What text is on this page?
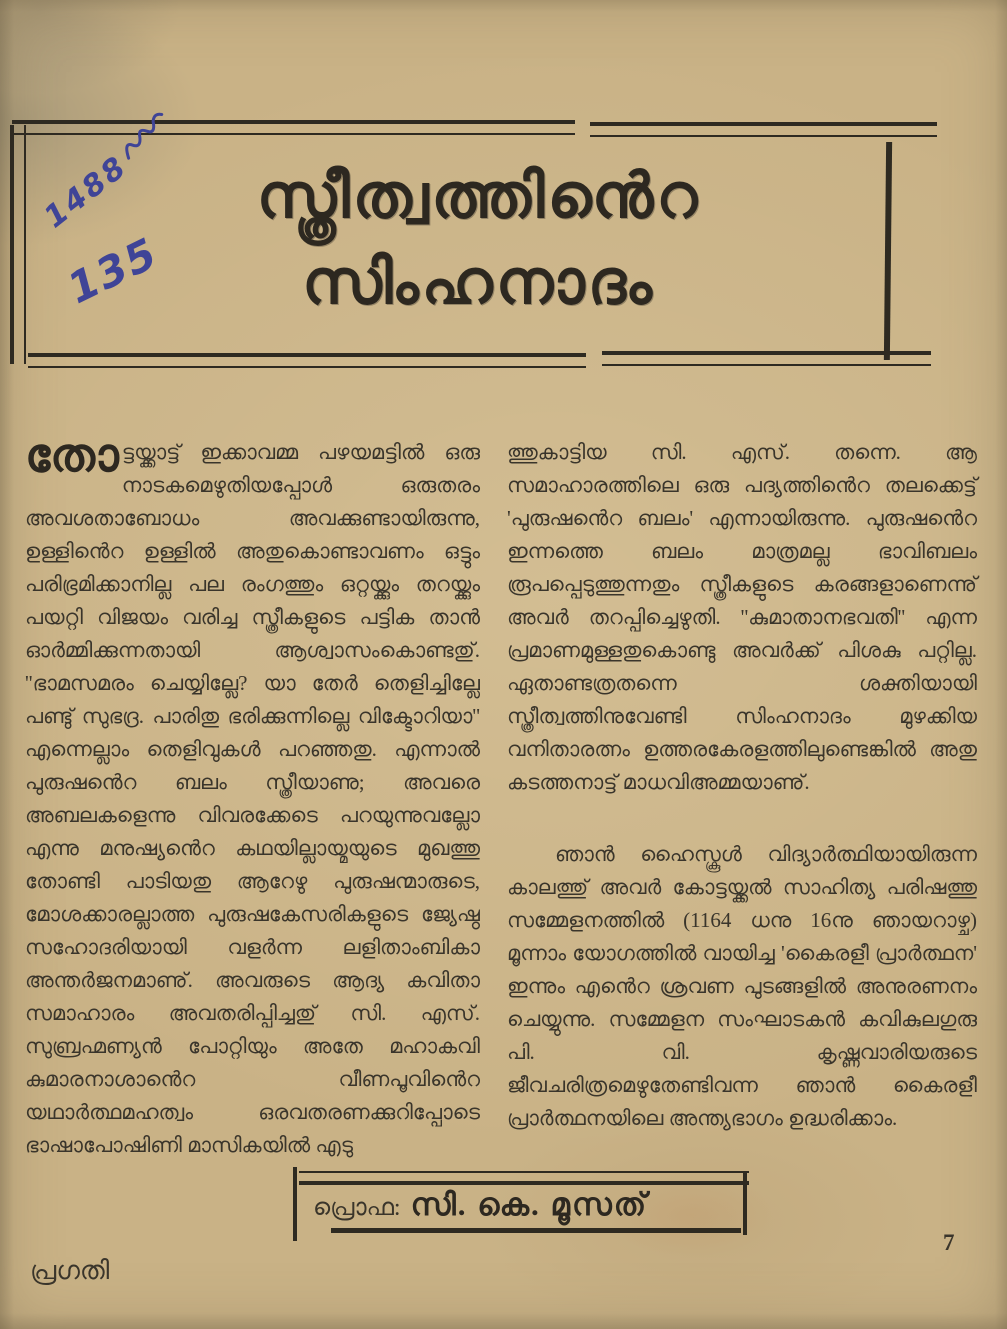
സ്ത്രീത്വത്തിൻെറ
സിംഹനാദം
1488
135

തോട്ടയ്ക്കാട്ട് ഇക്കാവമ്മ പഴയമട്ടിൽ ഒരു നാടകമെഴുതിയപ്പോൾ ഒരുതരം അവശതാബോധം അവക്കുണ്ടായിരുന്നു, ഉള്ളിൻെറ ഉള്ളിൽ അതുകൊണ്ടാവണം ഒട്ടും പരിഭ്രമിക്കാനില്ല പല രംഗത്തും ഒറ്റയ്ക്കും തറയ്ക്കും പയറ്റി വിജയം വരിച്ച സ്ത്രീകളുടെ പട്ടിക താൻ ഓർമ്മിക്കുന്നതായി ആശ്വാസംകൊണ്ടതു്. ''ഭാമസമരം ചെയ്യില്ലേ? യാ തേർ തെളിച്ചില്ലേ പണ്ടു് സുഭദ്ര. പാരിതു ഭരിക്കുന്നില്ലെ വിക്ടോറിയാ'' എന്നെല്ലാം തെളിവുകൾ പറഞ്ഞതു. എന്നാൽ പുരുഷൻെറ ബലം സ്ത്രീയാണു; അവരെ അബലകളെന്നു വിവരക്കേടെ പറയുന്നുവല്ലോ എന്നു മനുഷ്യൻെറ കഥയില്ലായ്മയുടെ മുഖത്തു തോണ്ടി പാടിയതു ആറേഴു പുരുഷന്മാരുടെ, മോശക്കാരല്ലാത്ത പുരുഷകേസരികളുടെ ജ്യേഷ്ഠ സഹോദരിയായി വളർന്ന ലളിതാംബികാ അന്തർജനമാണു്. അവരുടെ ആദ്യ കവിതാ സമാഹാരം അവതരിപ്പിച്ചതു് സി. എസ്. സുബ്രഹ്മണ്യൻ പോറ്റിയും അതേ മഹാകവി കുമാരനാശാൻെറ വീണപൂവിൻെറ യഥാർത്ഥമഹത്വം ഒരവതരണക്കുറിപ്പോടെ ഭാഷാപോഷിണി മാസികയിൽ എടു

ത്തുകാട്ടിയ സി. എസ്. തന്നെ. ആ സമാഹാരത്തിലെ ഒരു പദ്യത്തിൻെറ തലക്കെട്ട് 'പുരുഷൻെറ ബലം' എന്നായിരുന്നു. പുരുഷൻെറ ഇന്നത്തെ ബലം മാത്രമല്ല ഭാവിബലം രൂപപ്പെടുത്തുന്നതും സ്ത്രീകളുടെ കരങ്ങളാണെന്നു് അവർ തറപ്പിച്ചെഴുതി. ''കുമാതാനഭവതി'' എന്ന പ്രമാണമുള്ളതുകൊണ്ടു അവർക്ക് പിശകു പറ്റില്ല. ഏതാണ്ടത്രതന്നെ ശക്തിയായി സ്ത്രീത്വത്തിനുവേണ്ടി സിംഹനാദം മുഴക്കിയ വനിതാരത്നം ഉത്തരകേരളത്തിലുണ്ടെങ്കിൽ അതു കടത്തനാട്ട് മാധവിഅമ്മയാണു്.

ഞാൻ ഹൈസ്കൂൾ വിദ്യാർത്ഥിയായിരുന്ന കാലത്തു് അവർ കോട്ടയ്ക്കൽ സാഹിത്യ പരിഷത്തു സമ്മേളനത്തിൽ (1164 ധനു 16നു ഞായറാഴ്ച) മൂന്നാം യോഗത്തിൽ വായിച്ച 'കൈരളീ പ്രാർത്ഥന' ഇന്നും എൻെറ ശ്രവണ പുടങ്ങളിൽ അനുരണനം ചെയ്യുന്നു. സമ്മേളന സംഘാടകൻ കവികുലഗുരു പി. വി. കൃഷ്ണവാരിയരുടെ ജീവചരിത്രമെഴുതേണ്ടിവന്ന ഞാൻ കൈരളീ പ്രാർത്ഥനയിലെ അന്ത്യഭാഗം ഉദ്ധരിക്കാം.

പ്രൊഫ: സി. കെ. മൂസത്
പ്രഗതി
7
